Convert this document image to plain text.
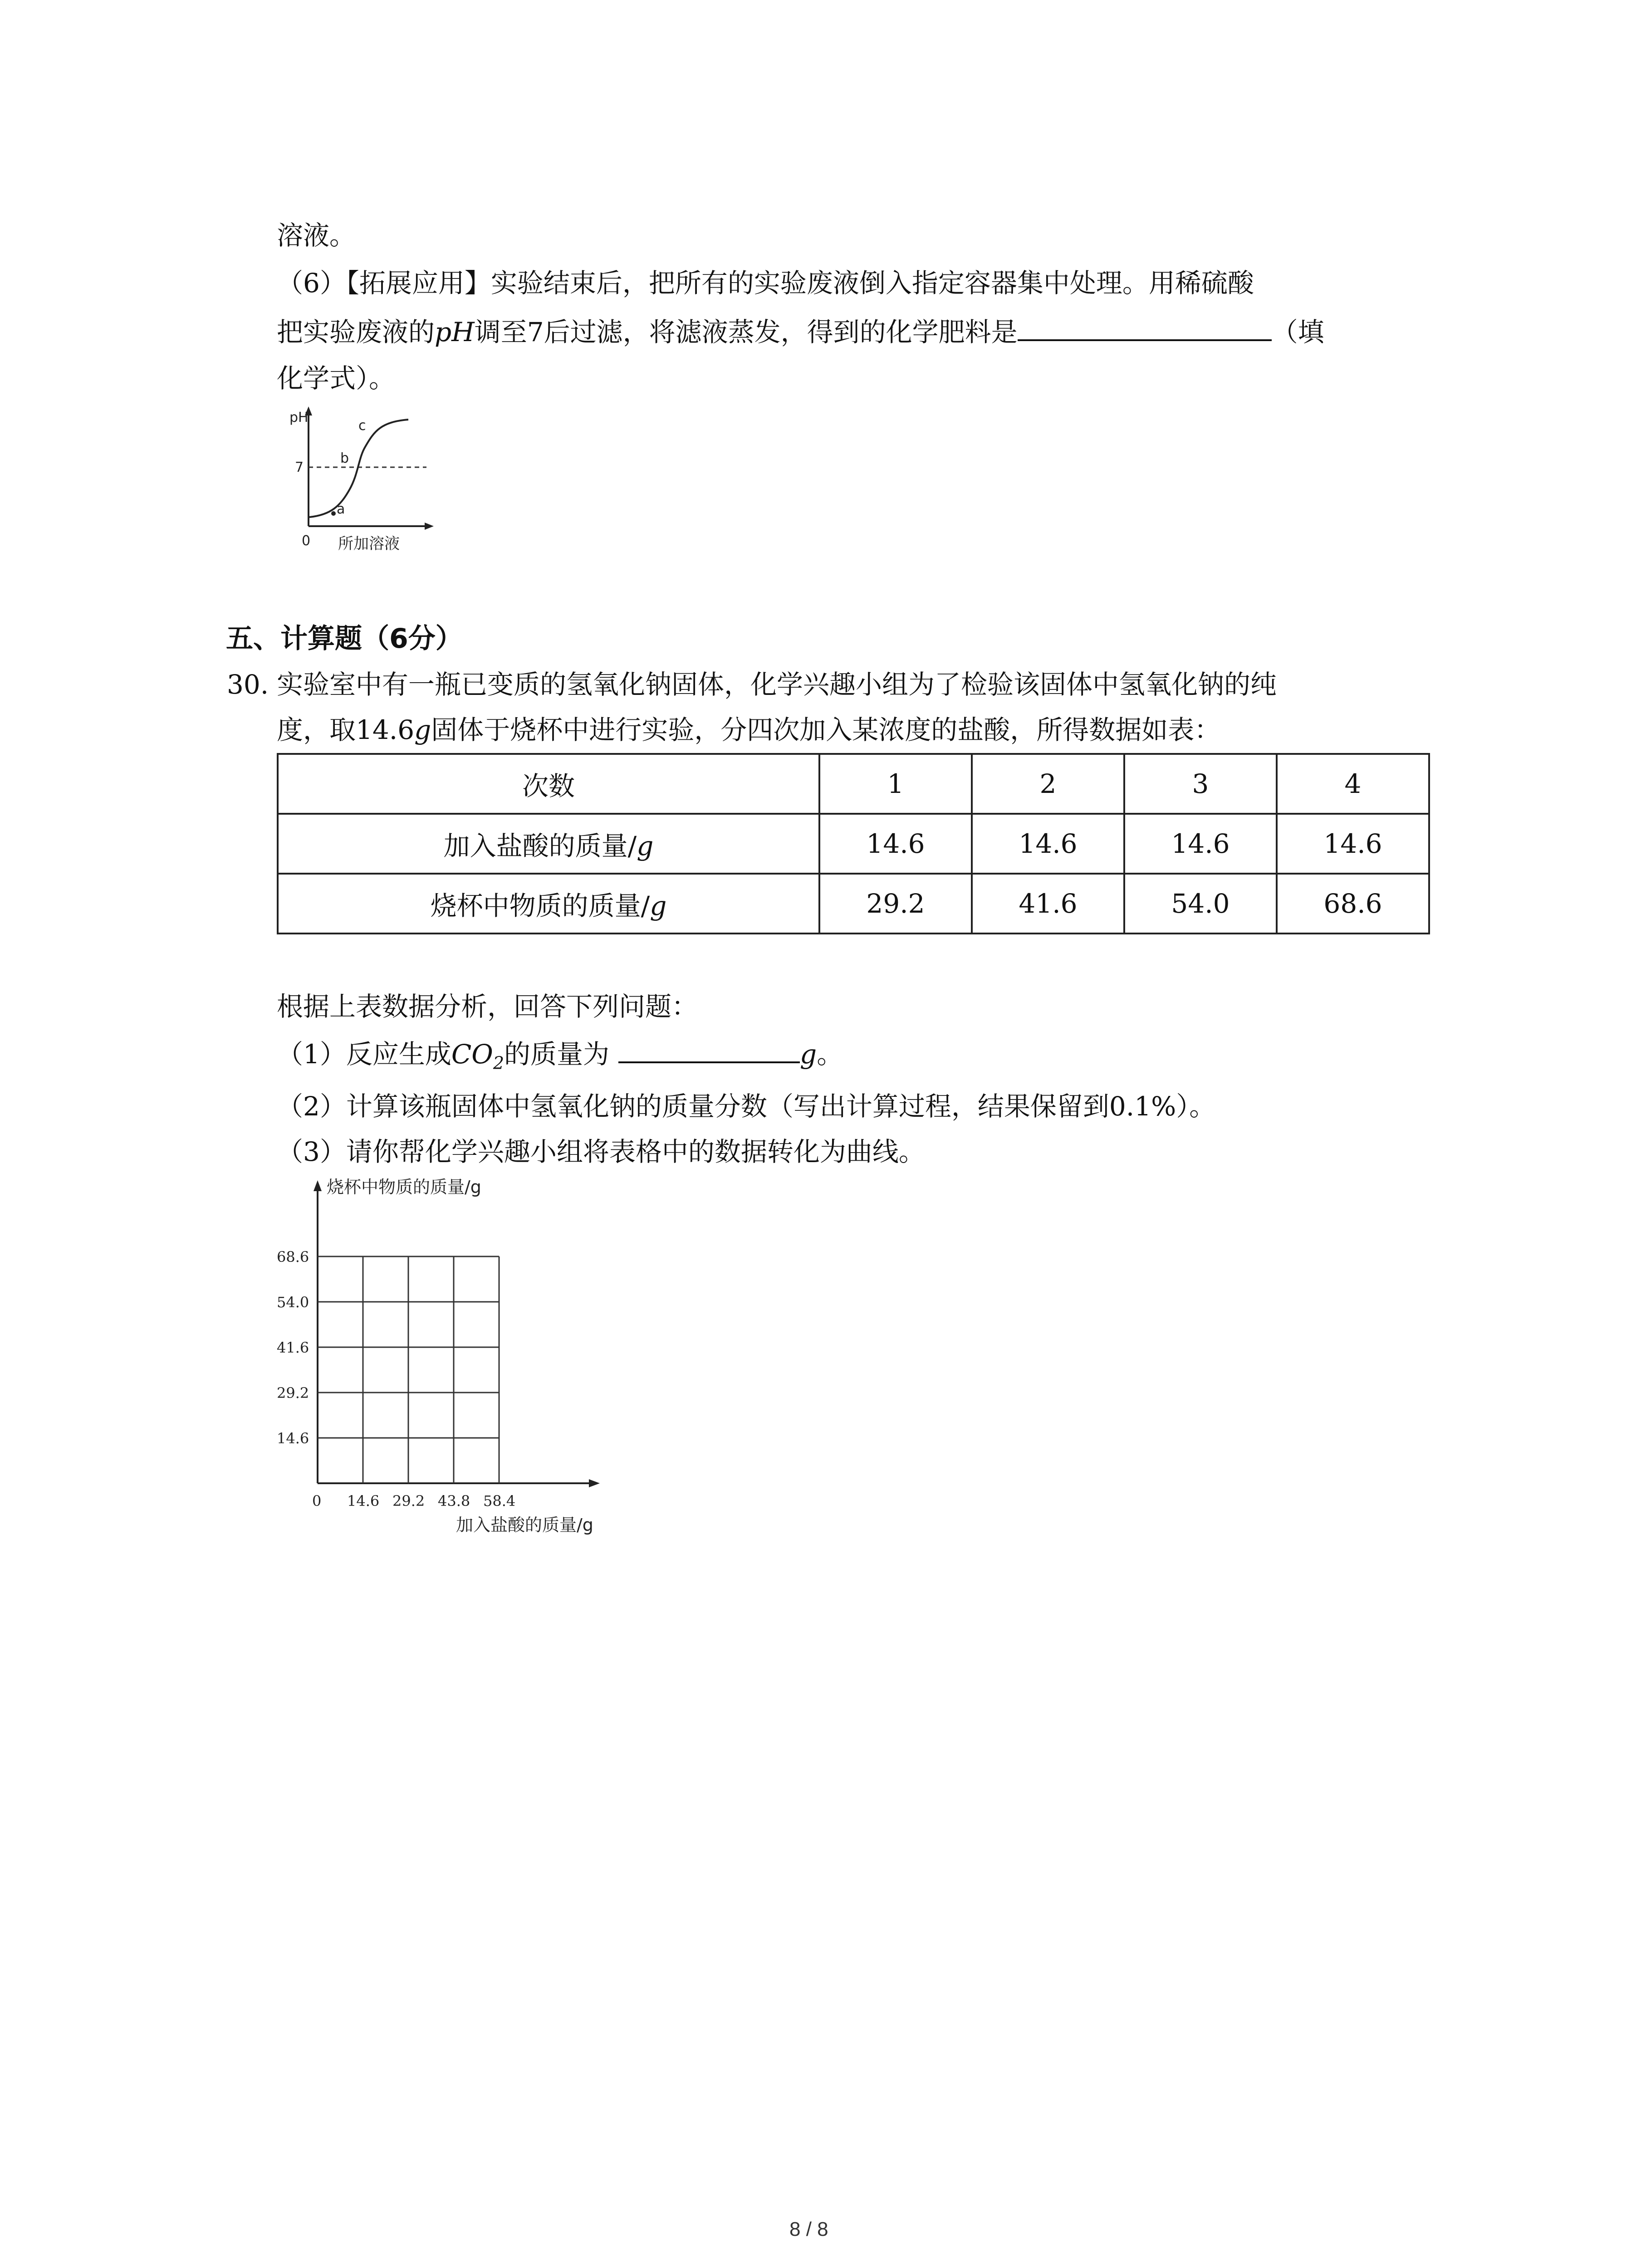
溶液。
（6）【拓展应用】实验结束后，把所有的实验废液倒入指定容器集中处理。用稀硫酸
把实验废液的pH调至7后过滤，将滤液蒸发，得到的化学肥料是	（填
化学式）。
pH
7
0 所加溶液
a
b
c
五、计算题（6分）
30. 实验室中有一瓶已变质的氢氧化钠固体，化学兴趣小组为了检验该固体中氢氧化钠的纯
度，取14.6g固体于烧杯中进行实验，分四次加入某浓度的盐酸，所得数据如表：
次数	1	2	3	4
加入盐酸的质量/g	14.6	14.6	14.6	14.6
烧杯中物质的质量/g	29.2	41.6	54.0	68.6
根据上表数据分析，回答下列问题：
（1）反应生成$CO_2$的质量为	g。
（2）计算该瓶固体中氢氧化钠的质量分数（写出计算过程，结果保留到0.1%）。
（3）请你帮化学兴趣小组将表格中的数据转化为曲线。
烧杯中物质的质量/g
68.6
54.0
41.6
29.2
14.6
0 14.6 29.2 43.8 58.4
加入盐酸的质量/g
8 / 8
